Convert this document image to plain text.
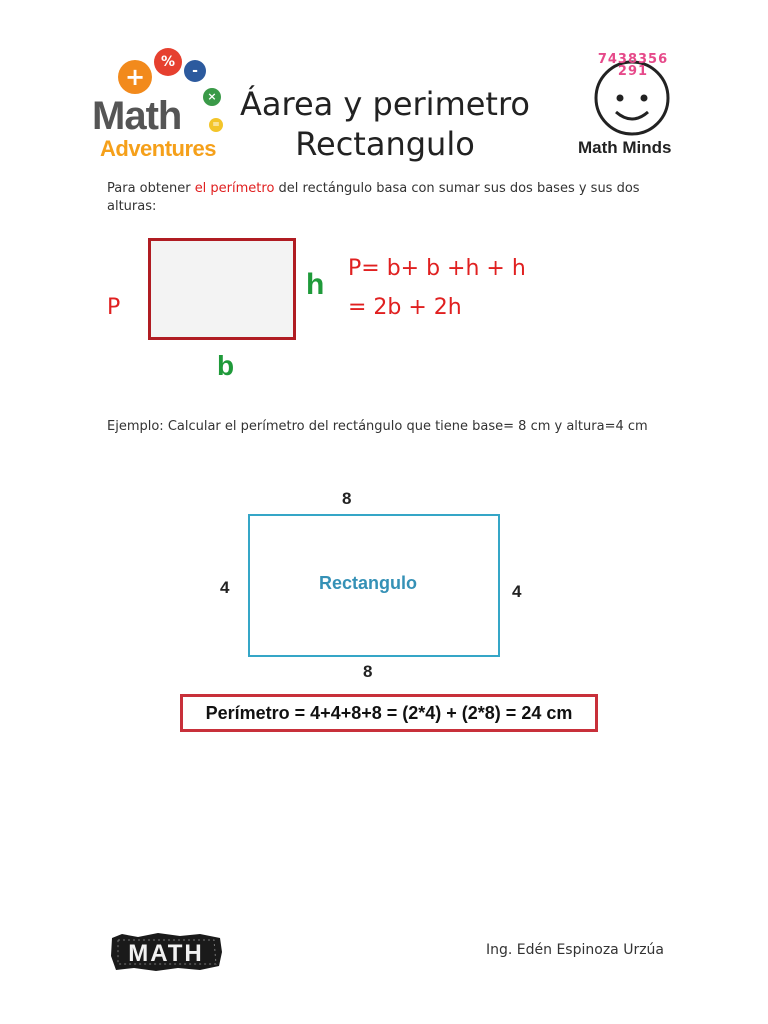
+
%
-
×
=
Math
Adventures
Áarea y perimetro
Rectangulo
7438356291
Math Minds
Para obtener el perímetro del rectángulo basa con sumar sus dos bases y sus dos alturas:
P
h
b
P= b+ b +h + h
= 2b + 2h
Ejemplo: Calcular el perímetro del rectángulo que tiene base= 8 cm y altura=4 cm
8
4	4
Rectangulo
8
Perímetro = 4+4+8+8 = (2*4) + (2*8) = 24 cm
MATH	Ing. Edén Espinoza Urzúa
